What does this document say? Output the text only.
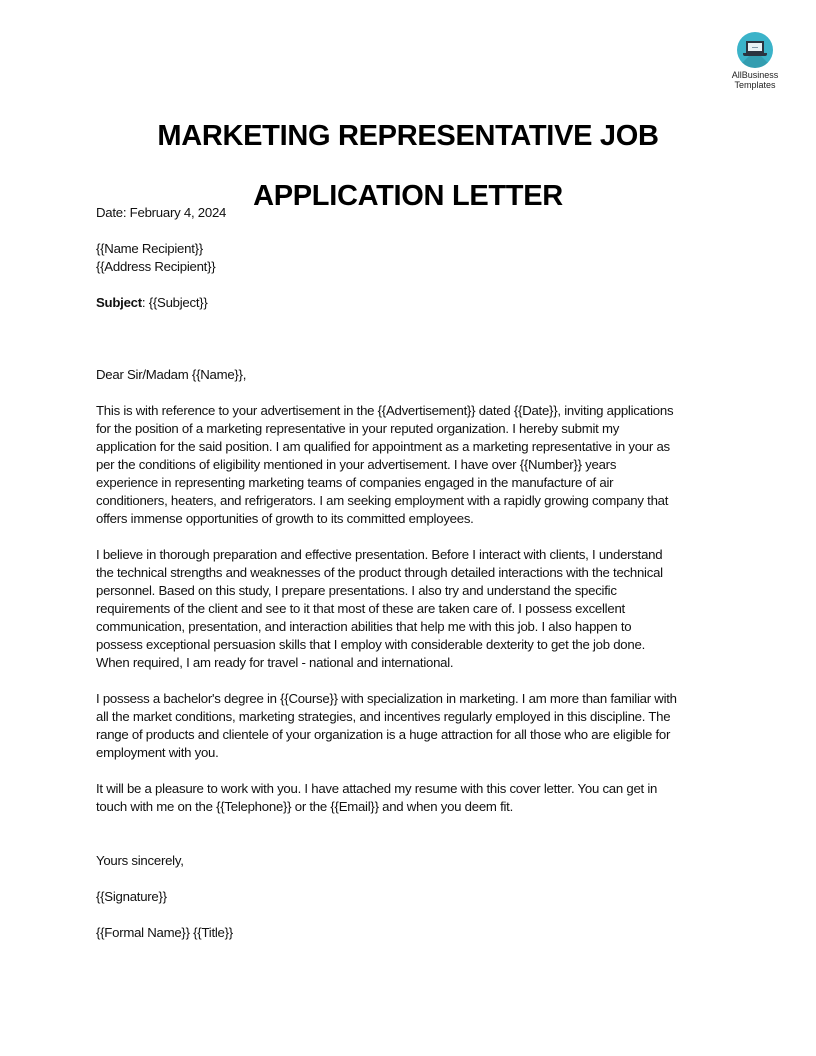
AllBusiness
Templates
MARKETING REPRESENTATIVE JOB
APPLICATION LETTER

Date: February 4, 2024

{{Name Recipient}}

{{Address Recipient}}

Subject: {{Subject}}

Dear Sir/Madam {{Name}},

This is with reference to your advertisement in the {{Advertisement}} dated {{Date}}, inviting applications

for the position of a marketing representative in your reputed organization. I hereby submit my

application for the said position. I am qualified for appointment as a marketing representative in your as

per the conditions of eligibility mentioned in your advertisement. I have over {{Number}} years

experience in representing marketing teams of companies engaged in the manufacture of air

conditioners, heaters, and refrigerators. I am seeking employment with a rapidly growing company that

offers immense opportunities of growth to its committed employees.

I believe in thorough preparation and effective presentation. Before I interact with clients, I understand

the technical strengths and weaknesses of the product through detailed interactions with the technical

personnel. Based on this study, I prepare presentations. I also try and understand the specific

requirements of the client and see to it that most of these are taken care of. I possess excellent

communication, presentation, and interaction abilities that help me with this job. I also happen to

possess exceptional persuasion skills that I employ with considerable dexterity to get the job done.

When required, I am ready for travel - national and international.

I possess a bachelor's degree in {{Course}} with specialization in marketing. I am more than familiar with

all the market conditions, marketing strategies, and incentives regularly employed in this discipline. The

range of products and clientele of your organization is a huge attraction for all those who are eligible for

employment with you.

It will be a pleasure to work with you. I have attached my resume with this cover letter. You can get in

touch with me on the {{Telephone}} or the {{Email}} and when you deem fit.

Yours sincerely,

{{Signature}}

{{Formal Name}} {{Title}}
